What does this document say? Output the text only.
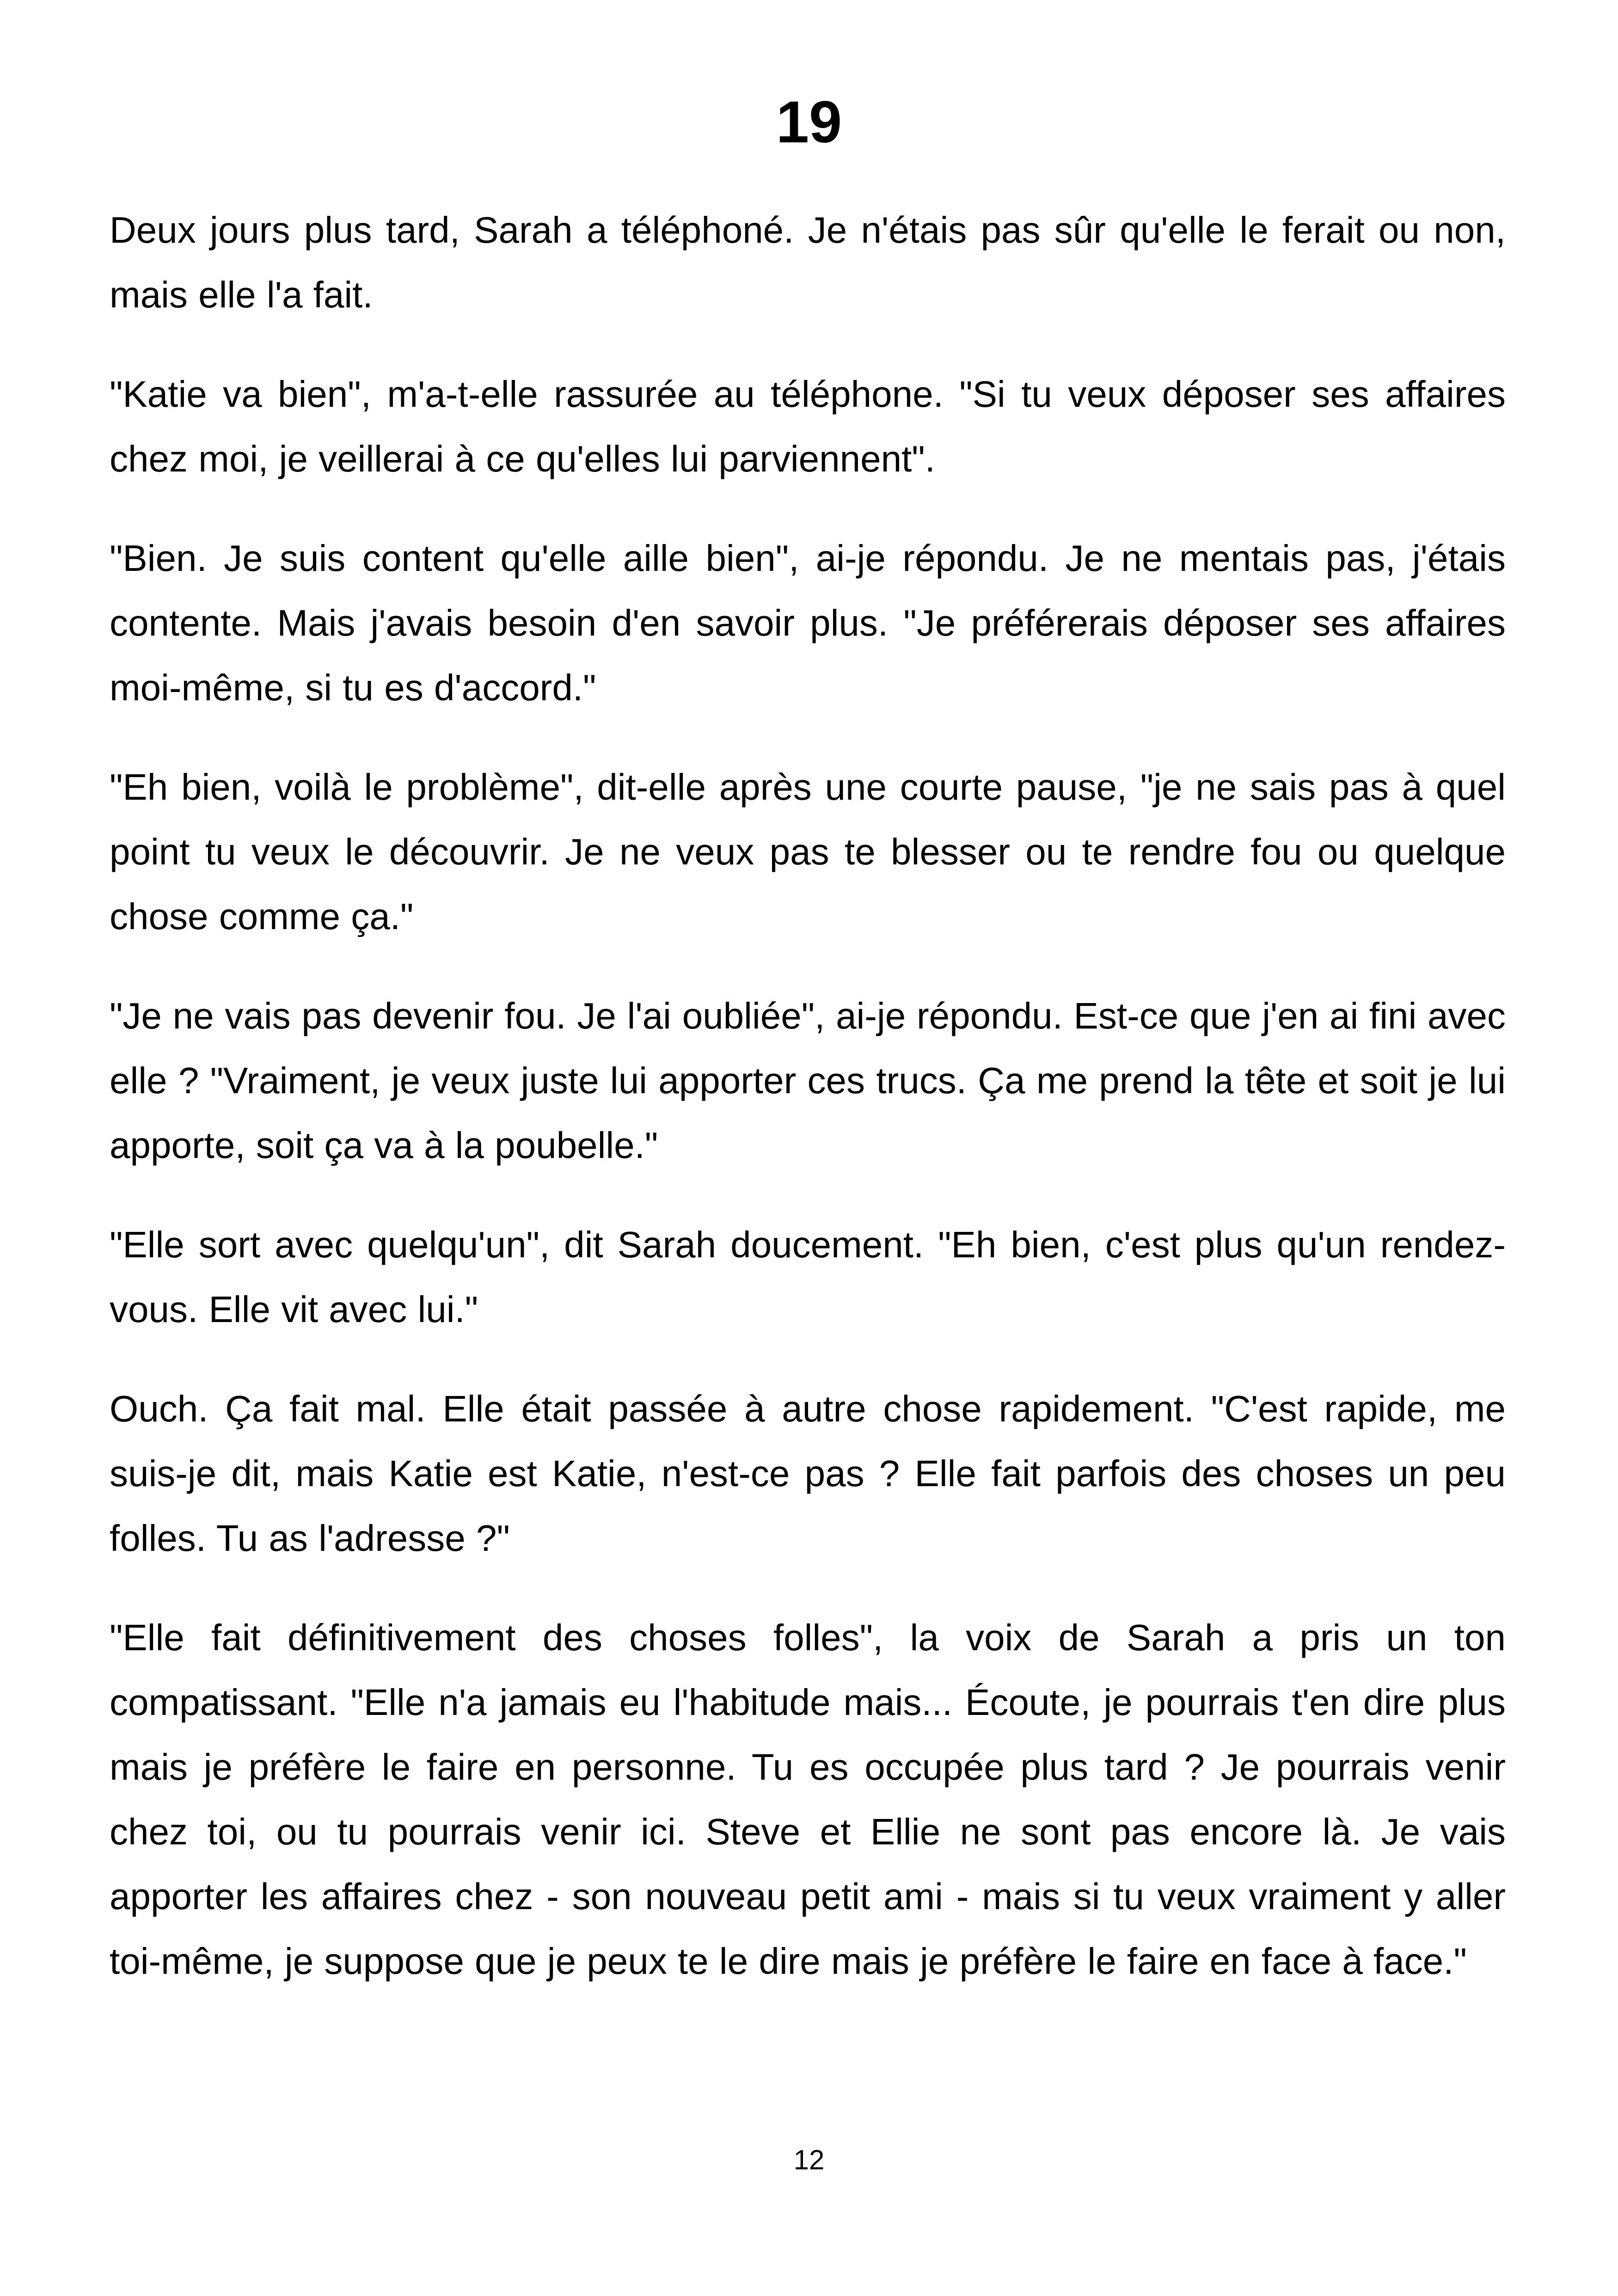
19

Deux jours plus tard, Sarah a téléphoné. Je n'étais pas sûr qu'elle le ferait ou non, mais elle l'a fait.

"Katie va bien", m'a-t-elle rassurée au téléphone. "Si tu veux déposer ses affaires chez moi, je veillerai à ce qu'elles lui parviennent".

"Bien. Je suis content qu'elle aille bien", ai-je répondu. Je ne mentais pas, j'étais contente. Mais j'avais besoin d'en savoir plus. "Je préférerais déposer ses affaires moi-même, si tu es d'accord."

"Eh bien, voilà le problème", dit-elle après une courte pause, "je ne sais pas à quel point tu veux le découvrir. Je ne veux pas te blesser ou te rendre fou ou quelque chose comme ça."

"Je ne vais pas devenir fou. Je l'ai oubliée", ai-je répondu. Est-ce que j'en ai fini avec elle ? "Vraiment, je veux juste lui apporter ces trucs. Ça me prend la tête et soit je lui apporte, soit ça va à la poubelle."

"Elle sort avec quelqu'un", dit Sarah doucement. "Eh bien, c'est plus qu'un rendez-vous. Elle vit avec lui."

Ouch. Ça fait mal. Elle était passée à autre chose rapidement. "C'est rapide, me suis-je dit, mais Katie est Katie, n'est-ce pas ? Elle fait parfois des choses un peu folles. Tu as l'adresse ?"

"Elle fait définitivement des choses folles", la voix de Sarah a pris un ton compatissant. "Elle n'a jamais eu l'habitude mais... Écoute, je pourrais t'en dire plus mais je préfère le faire en personne. Tu es occupée plus tard ? Je pourrais venir chez toi, ou tu pourrais venir ici. Steve et Ellie ne sont pas encore là. Je vais apporter les affaires chez - son nouveau petit ami - mais si tu veux vraiment y aller toi-même, je suppose que je peux te le dire mais je préfère le faire en face à face."

12
